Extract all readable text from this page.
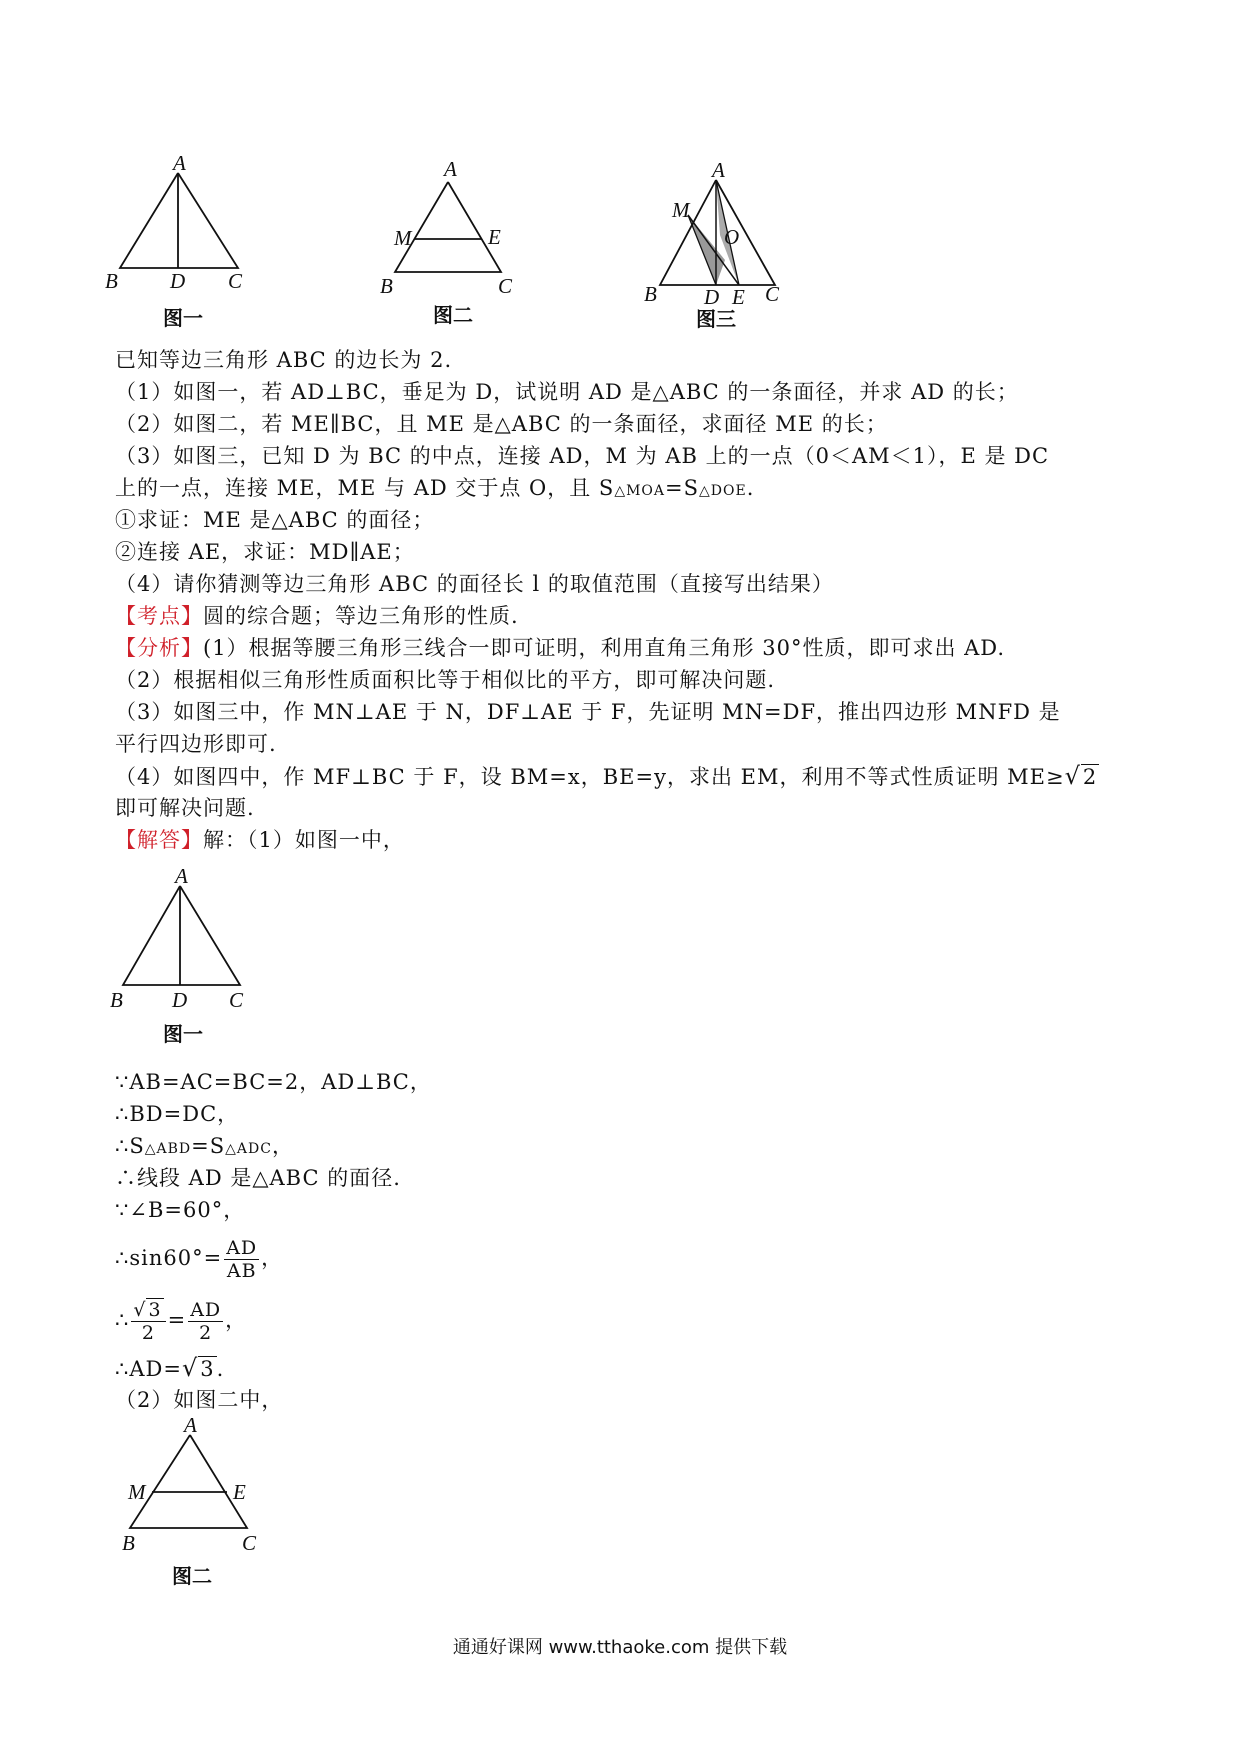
A
B D C
图一
A
M	E
B	C
图二
A
M
O
B D E C
图三
已知等边三角形 ABC 的边长为 2.
（1）如图一，若 AD⊥BC，垂足为 D，试说明 AD 是△ABC 的一条面径，并求 AD 的长；
（2）如图二，若 ME∥BC，且 ME 是△ABC 的一条面径，求面径 ME 的长；
（3）如图三，已知 D 为 BC 的中点，连接 AD，M 为 AB 上的一点（0＜AM＜1），E 是 DC
上的一点，连接 ME，ME 与 AD 交于点 O，且 S△MOA=S△DOE.
①求证：ME 是△ABC 的面径；
②连接 AE，求证：MD∥AE；
（4）请你猜测等边三角形 ABC 的面径长 l 的取值范围（直接写出结果）
【考点】圆的综合题；等边三角形的性质.
【分析】(1）根据等腰三角形三线合一即可证明，利用直角三角形 30°性质，即可求出 AD.
（2）根据相似三角形性质面积比等于相似比的平方，即可解决问题.
（3）如图三中，作 MN⊥AE 于 N，DF⊥AE 于 F，先证明 MN=DF，推出四边形 MNFD 是
平行四边形即可.
（4）如图四中，作 MF⊥BC 于 F，设 BM=x，BE=y，求出 EM，利用不等式性质证明 ME≥√2
即可解决问题.
【解答】解：（1）如图一中，
A
B D C
图一
∵AB=AC=BC=2，AD⊥BC，
∴BD=DC，
∴S△ABD=S△ADC，
∴线段 AD 是△ABC 的面径.
∵∠B=60°，
∴sin60°= $\frac{AD}{AB}$ ，
∴ $\frac{√ 3}{2} = \frac{AD}{2}$ ，
∴AD=√3.
（2）如图二中，
A
M	E
B	C
图二
通通好课网 www.tthaoke.com 提供下载
